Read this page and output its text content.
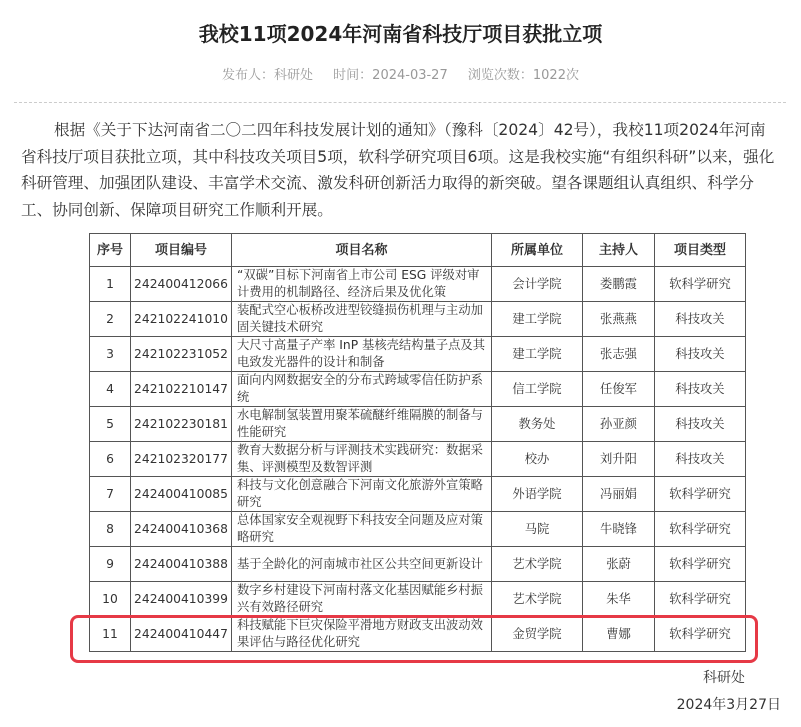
我校11项2024年河南省科技厅项目获批立项
发布人：科研处 时间：2024-03-27 浏览次数：1022次

根据《关于下达河南省二〇二四年科技发展计划的通知》（豫科〔2024〕42号），我校11项2024年河南省科技厅项目获批立项，其中科技攻关项目5项，软科学研究项目6项。这是我校实施“有组织科研”以来，强化科研管理、加强团队建设、丰富学术交流、激发科研创新活力取得的新突破。望各课题组认真组织、科学分工、协同创新、保障项目研究工作顺利开展。

序号	项目编号	项目名称	所属单位	主持人	项目类型
1	242400412066	“双碳”目标下河南省上市公司 ESG 评级对审计费用的机制路径、经济后果及优化策	会计学院	娄鹏霞	软科学研究
2	242102241010	装配式空心板桥改进型铰缝损伤机理与主动加固关键技术研究	建工学院	张燕燕	科技攻关
3	242102231052	大尺寸高量子产率 InP 基核壳结构量子点及其电致发光器件的设计和制备	建工学院	张志强	科技攻关
4	242102210147	面向内网数据安全的分布式跨域零信任防护系统	信工学院	任俊军	科技攻关
5	242102230181	水电解制氢装置用聚苯硫醚纤维隔膜的制备与性能研究	教务处	孙亚颜	科技攻关
6	242102320177	教育大数据分析与评测技术实践研究：数据采集、评测模型及数智评测	校办	刘升阳	科技攻关
7	242400410085	科技与文化创意融合下河南文化旅游外宣策略研究	外语学院	冯丽娟	软科学研究
8	242400410368	总体国家安全观视野下科技安全问题及应对策略研究	马院	牛晓锋	软科学研究
9	242400410388	基于全龄化的河南城市社区公共空间更新设计	艺术学院	张蔚	软科学研究
10	242400410399	数字乡村建设下河南村落文化基因赋能乡村振兴有效路径研究	艺术学院	朱华	软科学研究
11	242400410447	科技赋能下巨灾保险平滑地方财政支出波动效果评估与路径优化研究	金贸学院	曹娜	软科学研究
科研处
2024年3月27日
